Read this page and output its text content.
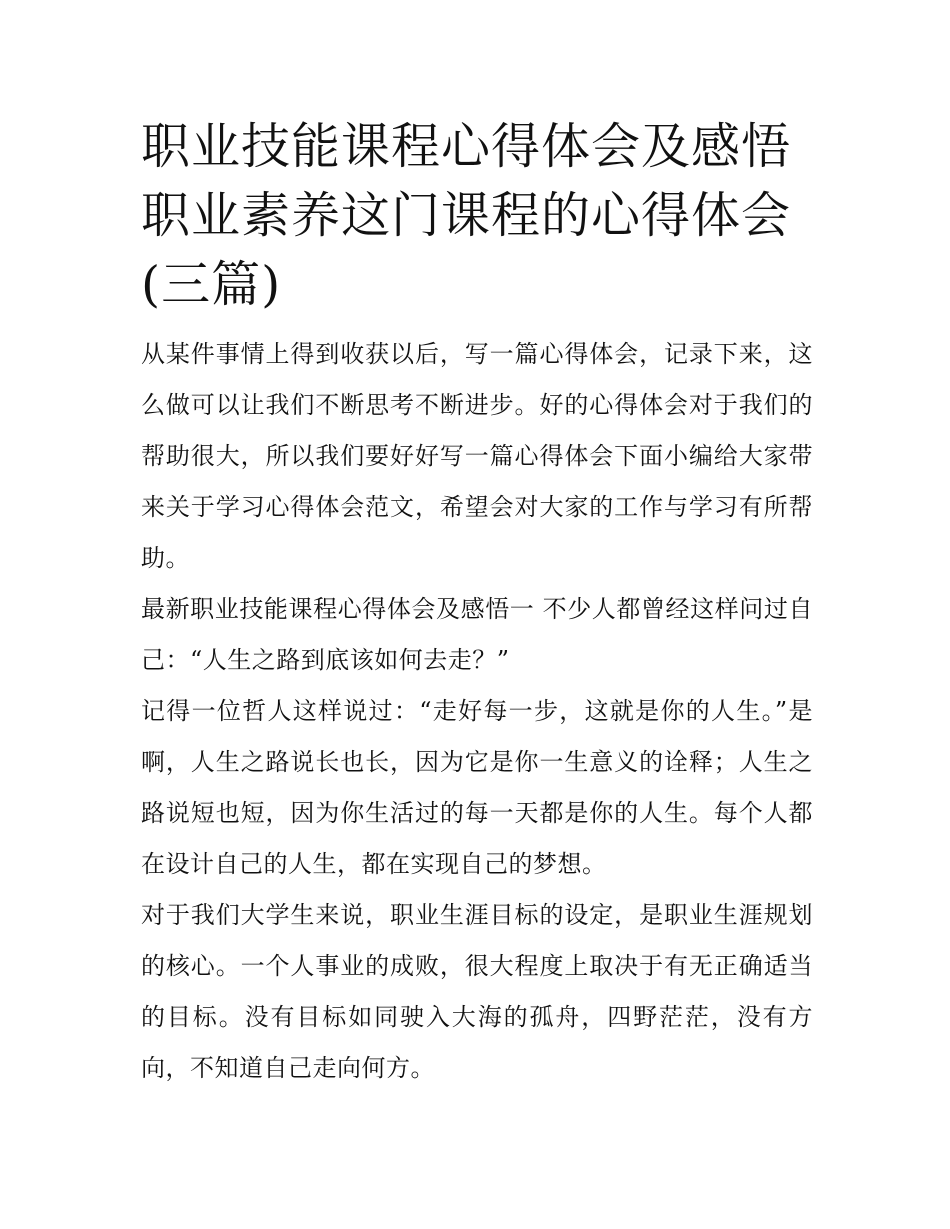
职业技能课程心得体会及感悟职业素养这门课程的心得体会(三篇)

从某件事情上得到收获以后，写一篇心得体会，记录下来，这么做可以让我们不断思考不断进步。好的心得体会对于我们的帮助很大，所以我们要好好写一篇心得体会下面小编给大家带来关于学习心得体会范文，希望会对大家的工作与学习有所帮助。

最新职业技能课程心得体会及感悟一 不少人都曾经这样问过自己：“人生之路到底该如何去走？”

记得一位哲人这样说过：“走好每一步，这就是你的人生。”是啊，人生之路说长也长，因为它是你一生意义的诠释；人生之路说短也短，因为你生活过的每一天都是你的人生。每个人都在设计自己的人生，都在实现自己的梦想。

对于我们大学生来说，职业生涯目标的设定，是职业生涯规划的核心。一个人事业的成败，很大程度上取决于有无正确适当的目标。没有目标如同驶入大海的孤舟，四野茫茫，没有方向，不知道自己走向何方。
